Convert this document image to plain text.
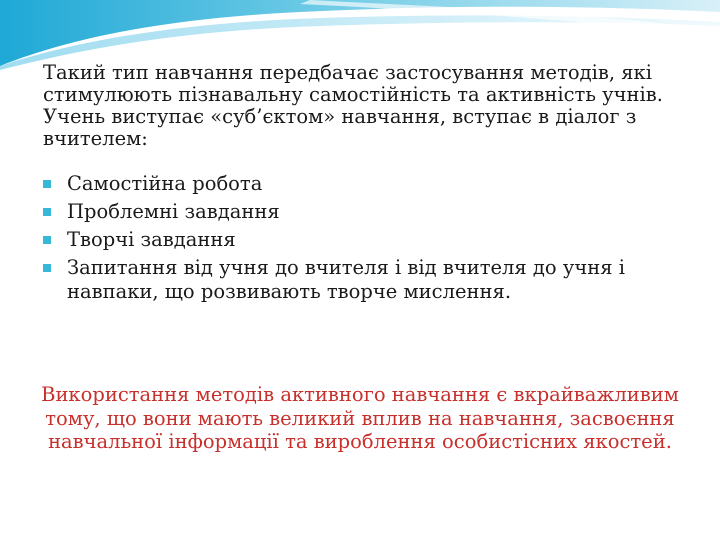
Такий тип навчання передбачає застосування методів, які стимулюють пізнавальну самостійність та активність учнів.

Учень виступає «суб’єктом» навчання, вступає в діалог з вчителем:

Самостійна робота
Проблемні завдання
Творчі завдання
Запитання від учня до вчителя і від вчителя до учня і навпаки, що розвивають творче мислення.
Використання методів активного навчання є вкрайважливим тому, що вони мають великий вплив на навчання, засвоєння навчальної інформації та вироблення особистісних якостей.
